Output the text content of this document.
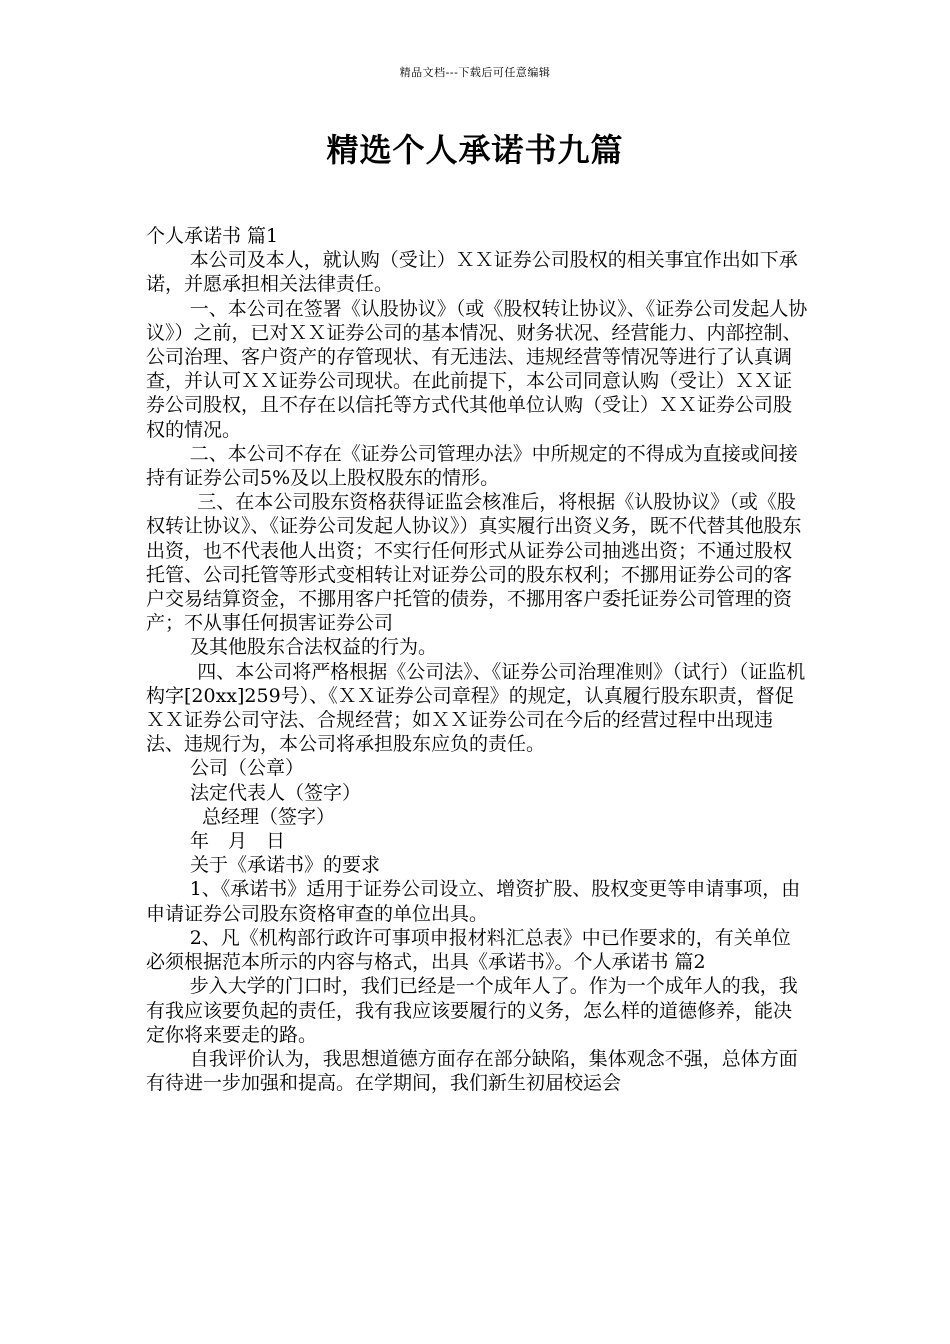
精品文档---下载后可任意编辑
精选个人承诺书九篇

个人承诺书 篇1

本公司及本人，就认购（受让）ＸＸ证券公司股权的相关事宜作出如下承诺，并愿承担相关法律责任。

一、本公司在签署《认股协议》（或《股权转让协议》、《证券公司发起人协议》）之前，已对ＸＸ证券公司的基本情况、财务状况、经营能力、内部控制、公司治理、客户资产的存管现状、有无违法、违规经营等情况等进行了认真调查，并认可ＸＸ证券公司现状。在此前提下，本公司同意认购（受让）ＸＸ证券公司股权，且不存在以信托等方式代其他单位认购（受让）ＸＸ证券公司股权的情况。

二、本公司不存在《证券公司管理办法》中所规定的不得成为直接或间接持有证券公司5%及以上股权股东的情形。

三、在本公司股东资格获得证监会核准后，将根据《认股协议》（或《股权转让协议》、《证券公司发起人协议》）真实履行出资义务，既不代替其他股东出资，也不代表他人出资；不实行任何形式从证券公司抽逃出资；不通过股权托管、公司托管等形式变相转让对证券公司的股东权利；不挪用证券公司的客户交易结算资金，不挪用客户托管的债券，不挪用客户委托证券公司管理的资产；不从事任何损害证券公司

及其他股东合法权益的行为。

四、本公司将严格根据《公司法》、《证券公司治理准则》（试行）（证监机构字[20xx]259号）、《ＸＸ证券公司章程》的规定，认真履行股东职责，督促ＸＸ证券公司守法、合规经营；如ＸＸ证券公司在今后的经营过程中出现违法、违规行为，本公司将承担股东应负的责任。

公司（公章）

法定代表人（签字）

总经理（签字）

年　月　日

关于《承诺书》的要求

1、《承诺书》适用于证券公司设立、增资扩股、股权变更等申请事项，由申请证券公司股东资格审查的单位出具。

2、凡《机构部行政许可事项申报材料汇总表》中已作要求的，有关单位必须根据范本所示的内容与格式，出具《承诺书》。个人承诺书 篇2

步入大学的门口时，我们已经是一个成年人了。作为一个成年人的我，我有我应该要负起的责任，我有我应该要履行的义务，怎么样的道德修养，能决定你将来要走的路。

自我评价认为，我思想道德方面存在部分缺陷，集体观念不强，总体方面有待进一步加强和提高。在学期间，我们新生初届校运会
